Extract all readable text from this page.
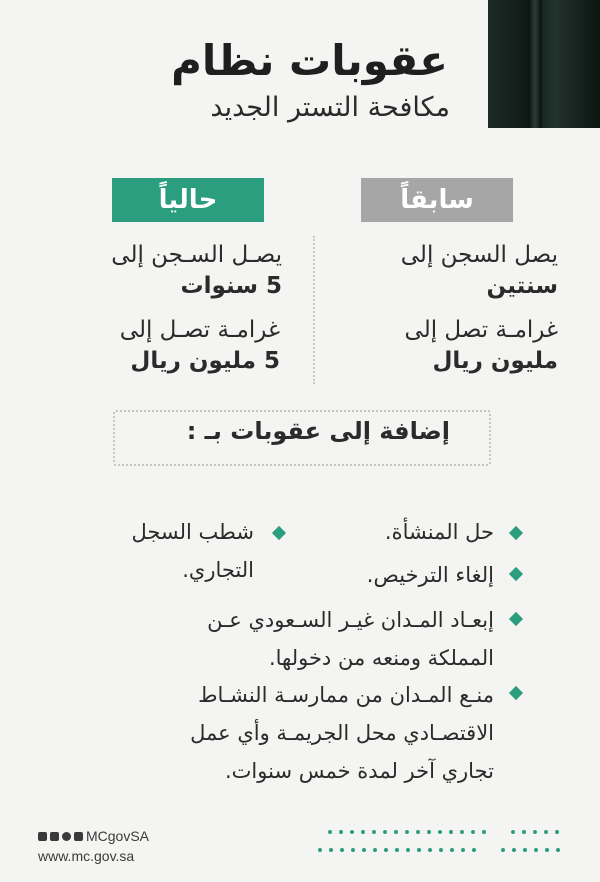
عقوبات نظام
مكافحة التستر الجديد
حالياً	سابقاً
يصـل السـجن إلى
5 سنوات
غرامـة تصـل إلى
5 مليون ريال
يصل السجن إلى
سنتين
غرامـة تصل إلى
مليون ريال
إضافة إلى عقوبات بـ :
حل المنشأة.
شطب السجل
التجاري.	إلغاء الترخيص.
إبعـاد المـدان غيـر السـعودي عـن
المملكة ومنعه من دخولها.
منـع المـدان من ممارسـة النشـاط
الاقتصـادي محل الجريمـة وأي عمل
تجاري آخر لمدة خمس سنوات.
MCgovSA
www.mc.gov.sa
